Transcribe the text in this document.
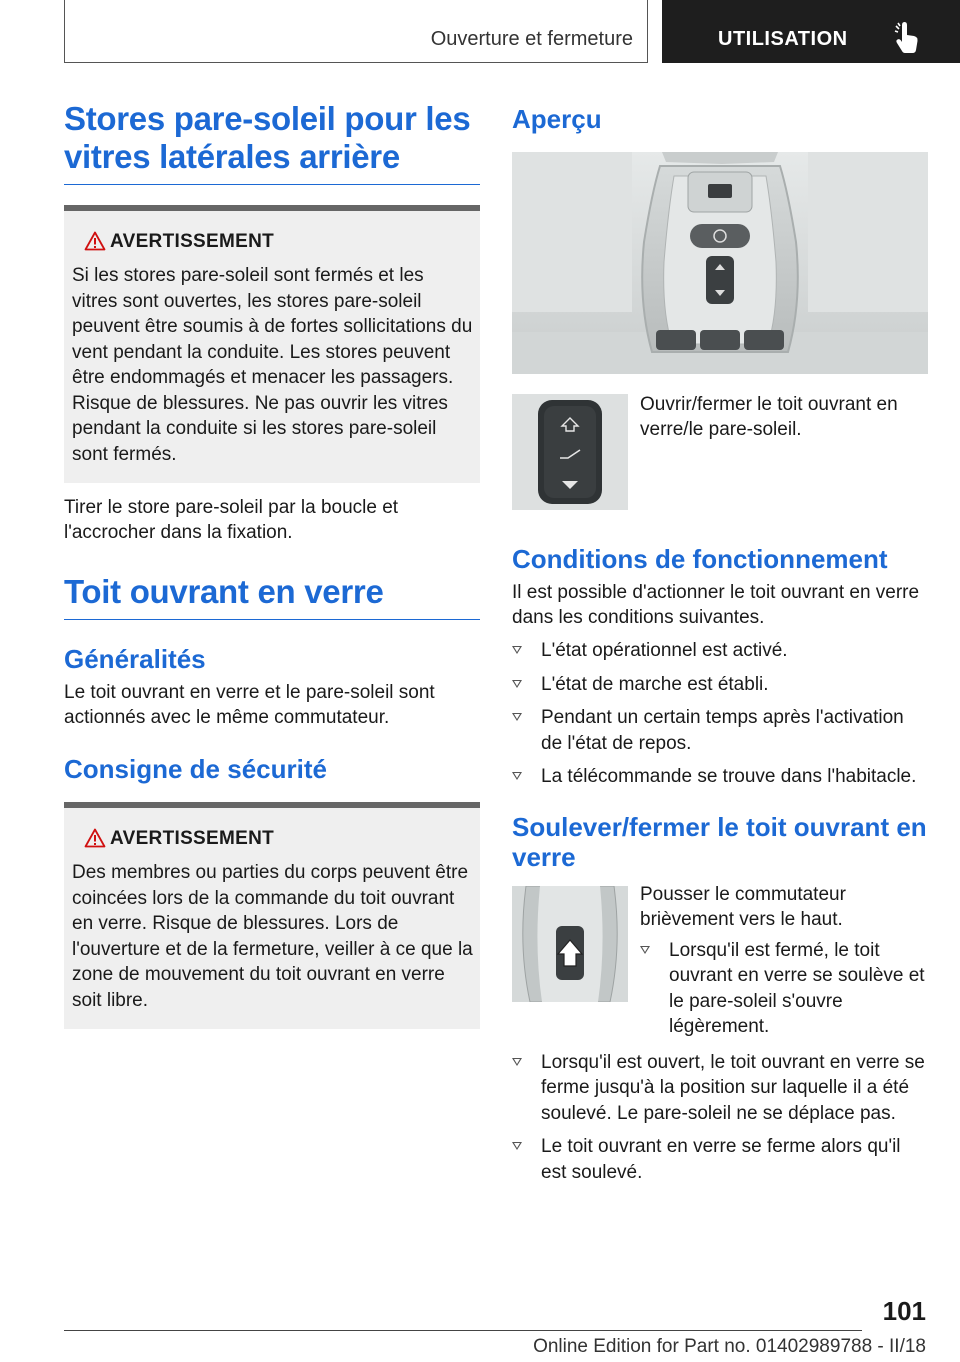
Ouverture et fermeture	UTILISATION
Stores pare-soleil pour les vitres latérales arrière
AVERTISSEMENT
Si les stores pare-soleil sont fermés et les vitres sont ouvertes, les stores pare-soleil peuvent être soumis à de fortes sollicitations du vent pendant la conduite. Les stores peuvent être endommagés et menacer les passagers. Risque de blessures. Ne pas ouvrir les vitres pendant la conduite si les stores pare-soleil sont fermés.

Tirer le store pare-soleil par la boucle et l'accrocher dans la fixation.

Toit ouvrant en verre
Généralités

Le toit ouvrant en verre et le pare-soleil sont actionnés avec le même commutateur.

Consigne de sécurité
AVERTISSEMENT
Des membres ou parties du corps peuvent être coincées lors de la commande du toit ouvrant en verre. Risque de blessures. Lors de l'ouverture et de la fermeture, veiller à ce que la zone de mouvement du toit ouvrant en verre soit libre.
Aperçu

Ouvrir/fermer le toit ouvrant en verre/le pare-soleil.

Conditions de fonctionnement

Il est possible d'actionner le toit ouvrant en verre dans les conditions suivantes.

L'état opérationnel est activé.
L'état de marche est établi.
Pendant un certain temps après l'activation de l'état de repos.
La télécommande se trouve dans l'habitacle.
Soulever/fermer le toit ouvrant en verre

Pousser le commutateur brièvement vers le haut.

Lorsqu'il est fermé, le toit ouvrant en verre se soulève et le pare-soleil s'ouvre légèrement.
Lorsqu'il est ouvert, le toit ouvrant en verre se ferme jusqu'à la position sur laquelle il a été soulevé. Le pare-soleil ne se déplace pas.
Le toit ouvrant en verre se ferme alors qu'il est soulevé.
101
Online Edition for Part no. 01402989788 - II/18
